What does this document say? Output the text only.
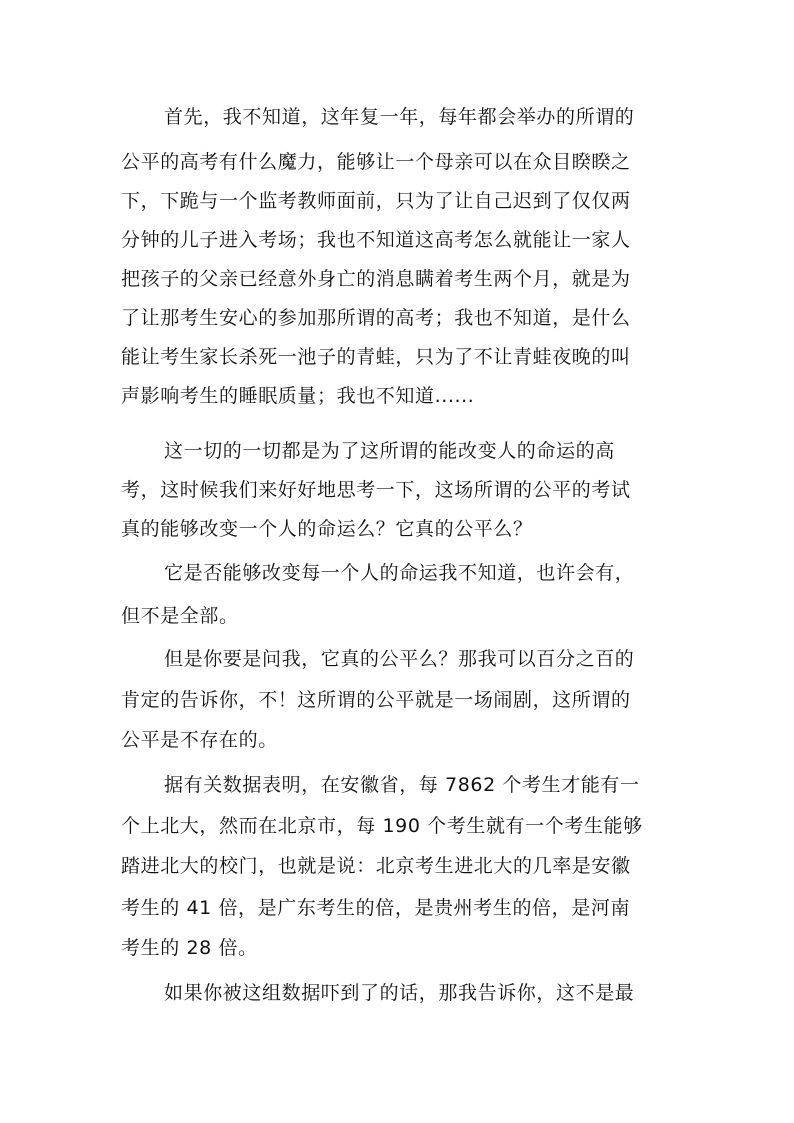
首先，我不知道，这年复一年，每年都会举办的所谓的
公平的高考有什么魔力，能够让一个母亲可以在众目睽睽之
下，下跪与一个监考教师面前，只为了让自己迟到了仅仅两
分钟的儿子进入考场；我也不知道这高考怎么就能让一家人
把孩子的父亲已经意外身亡的消息瞒着考生两个月，就是为
了让那考生安心的参加那所谓的高考；我也不知道，是什么
能让考生家长杀死一池子的青蛙，只为了不让青蛙夜晚的叫
声影响考生的睡眠质量；我也不知道......
这一切的一切都是为了这所谓的能改变人的命运的高
考，这时候我们来好好地思考一下，这场所谓的公平的考试
真的能够改变一个人的命运么？它真的公平么？
它是否能够改变每一个人的命运我不知道，也许会有，
但不是全部。
但是你要是问我，它真的公平么？那我可以百分之百的
肯定的告诉你，不！这所谓的公平就是一场闹剧，这所谓的
公平是不存在的。
据有关数据表明，在安徽省，每 7862 个考生才能有一
个上北大，然而在北京市，每 190 个考生就有一个考生能够
踏进北大的校门，也就是说：北京考生进北大的几率是安徽
考生的 41 倍，是广东考生的倍，是贵州考生的倍，是河南
考生的 28 倍。
如果你被这组数据吓到了的话，那我告诉你，这不是最
